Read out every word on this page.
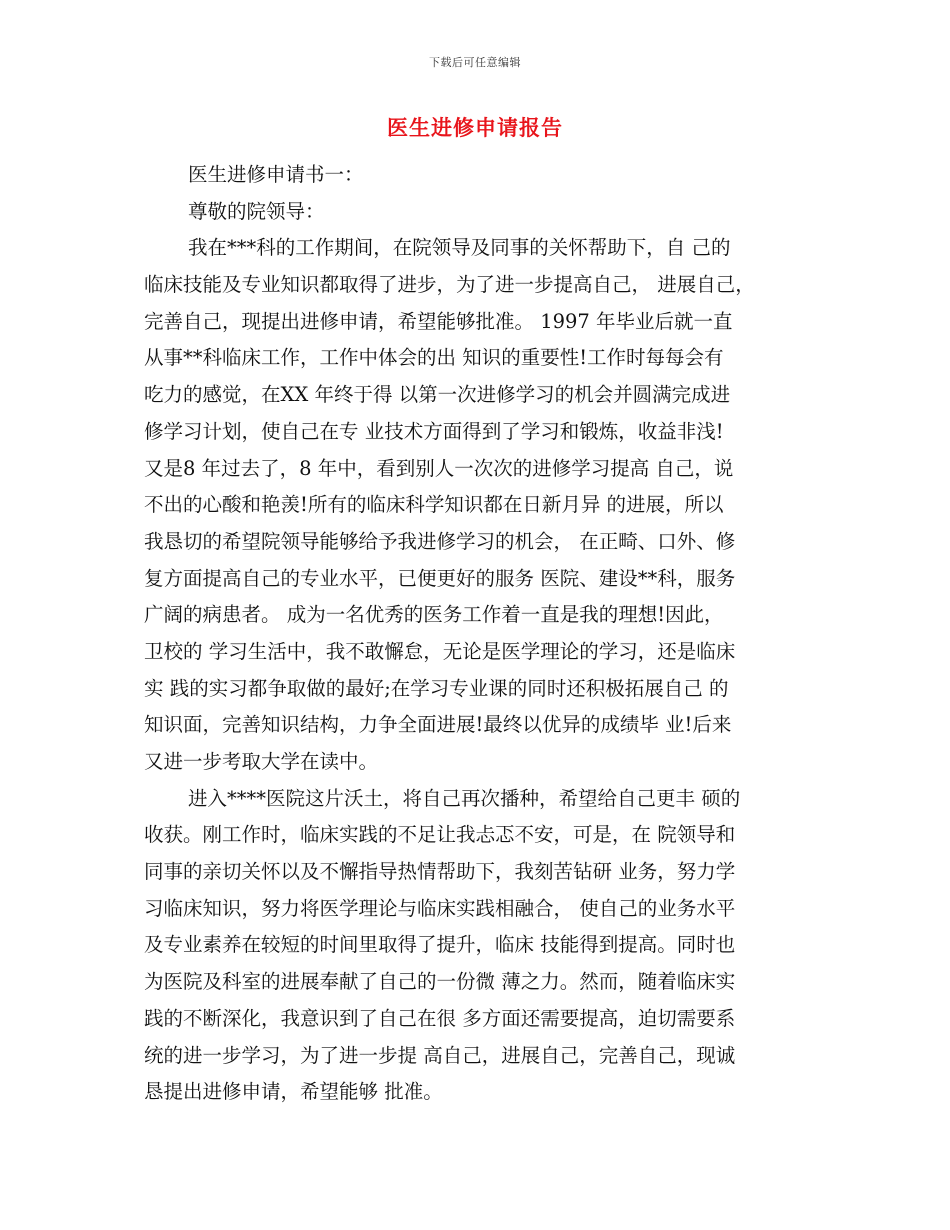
下载后可任意编辑
医生进修申请报告
医生进修申请书一：
尊敬的院领导：
我在***科的工作期间，在院领导及同事的关怀帮助下，自 己的
临床技能及专业知识都取得了进步，为了进一步提高自己， 进展自己，
完善自己，现提出进修申请，希望能够批准。 1997 年毕业后就一直
从事**科临床工作，工作中体会的出 知识的重要性!工作时每每会有
吃力的感觉，在XX 年终于得 以第一次进修学习的机会并圆满完成进
修学习计划，使自己在专 业技术方面得到了学习和锻炼，收益非浅!
又是8 年过去了，8 年中，看到别人一次次的进修学习提高 自己，说
不出的心酸和艳羡!所有的临床科学知识都在日新月异 的进展，所以
我恳切的希望院领导能够给予我进修学习的机会， 在正畸、口外、修
复方面提高自己的专业水平，已便更好的服务 医院、建设**科，服务
广阔的病患者。 成为一名优秀的医务工作着一直是我的理想!因此，
卫校的 学习生活中，我不敢懈怠，无论是医学理论的学习，还是临床
实 践的实习都争取做的最好;在学习专业课的同时还积极拓展自己 的
知识面，完善知识结构，力争全面进展!最终以优异的成绩毕 业!后来
又进一步考取大学在读中。
进入****医院这片沃土，将自己再次播种，希望给自己更丰 硕的
收获。刚工作时，临床实践的不足让我忐忑不安，可是，在 院领导和
同事的亲切关怀以及不懈指导热情帮助下，我刻苦钻研 业务，努力学
习临床知识，努力将医学理论与临床实践相融合， 使自己的业务水平
及专业素养在较短的时间里取得了提升，临床 技能得到提高。同时也
为医院及科室的进展奉献了自己的一份微 薄之力。然而，随着临床实
践的不断深化，我意识到了自己在很 多方面还需要提高，迫切需要系
统的进一步学习，为了进一步提 高自己，进展自己，完善自己，现诚
恳提出进修申请，希望能够 批准。
